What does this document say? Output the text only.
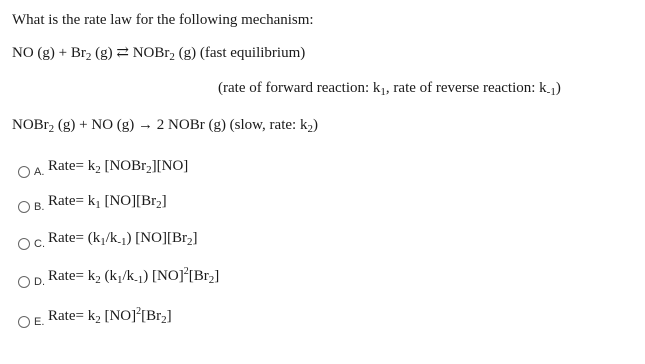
What is the rate law for the following mechanism:
NO $(g) + Br_2$ (g) ⇄ NOBr$_2$ (g) (fast equilibrium)
(rate of forward reaction: $k_1$, rate of reverse reaction: $k_{-1}$)
NOBr$_2$ (g) + NO (g) → 2 NOBr (g) (slow, rate: $k_2$)
A. Rate= $k_2$ [NOBr$_2$][NO]
B. Rate= $k_1$ $[NO][Br_2]$
C. Rate= $(k_1/k_{-1})$ $[NO][Br_2]$
D. Rate= $k_2$ $(k_1/k_{-1})$ $[NO]^2[Br_2]$
E. Rate= $k_2$ $[NO]^2[Br_2]$
